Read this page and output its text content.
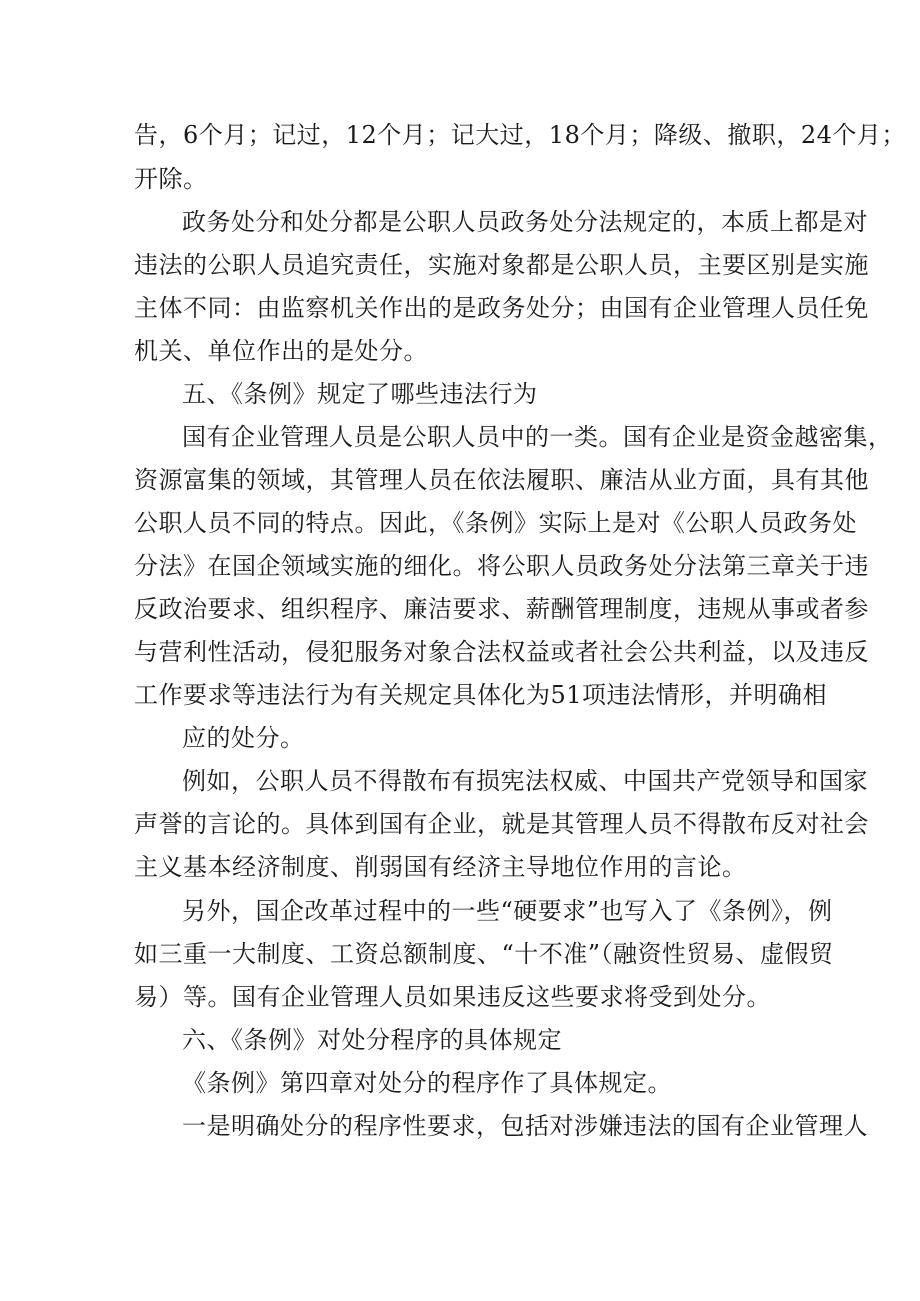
告，6个月；记过，12个月；记大过，18个月；降级、撤职，24个月；
开除。
政务处分和处分都是公职人员政务处分法规定的，本质上都是对
违法的公职人员追究责任，实施对象都是公职人员，主要区别是实施
主体不同：由监察机关作出的是政务处分；由国有企业管理人员任免
机关、单位作出的是处分。
五、《条例》规定了哪些违法行为
国有企业管理人员是公职人员中的一类。国有企业是资金越密集，
资源富集的领域，其管理人员在依法履职、廉洁从业方面，具有其他
公职人员不同的特点。因此，《条例》实际上是对《公职人员政务处
分法》在国企领域实施的细化。将公职人员政务处分法第三章关于违
反政治要求、组织程序、廉洁要求、薪酬管理制度，违规从事或者参
与营利性活动，侵犯服务对象合法权益或者社会公共利益，以及违反
工作要求等违法行为有关规定具体化为51项违法情形，并明确相
应的处分。
例如，公职人员不得散布有损宪法权威、中国共产党领导和国家
声誉的言论的。具体到国有企业，就是其管理人员不得散布反对社会
主义基本经济制度、削弱国有经济主导地位作用的言论。
另外，国企改革过程中的一些“硬要求”也写入了《条例》，例
如三重一大制度、工资总额制度、“十不准”（融资性贸易、虚假贸
易）等。国有企业管理人员如果违反这些要求将受到处分。
六、《条例》对处分程序的具体规定
《条例》第四章对处分的程序作了具体规定。
一是明确处分的程序性要求，包括对涉嫌违法的国有企业管理人
